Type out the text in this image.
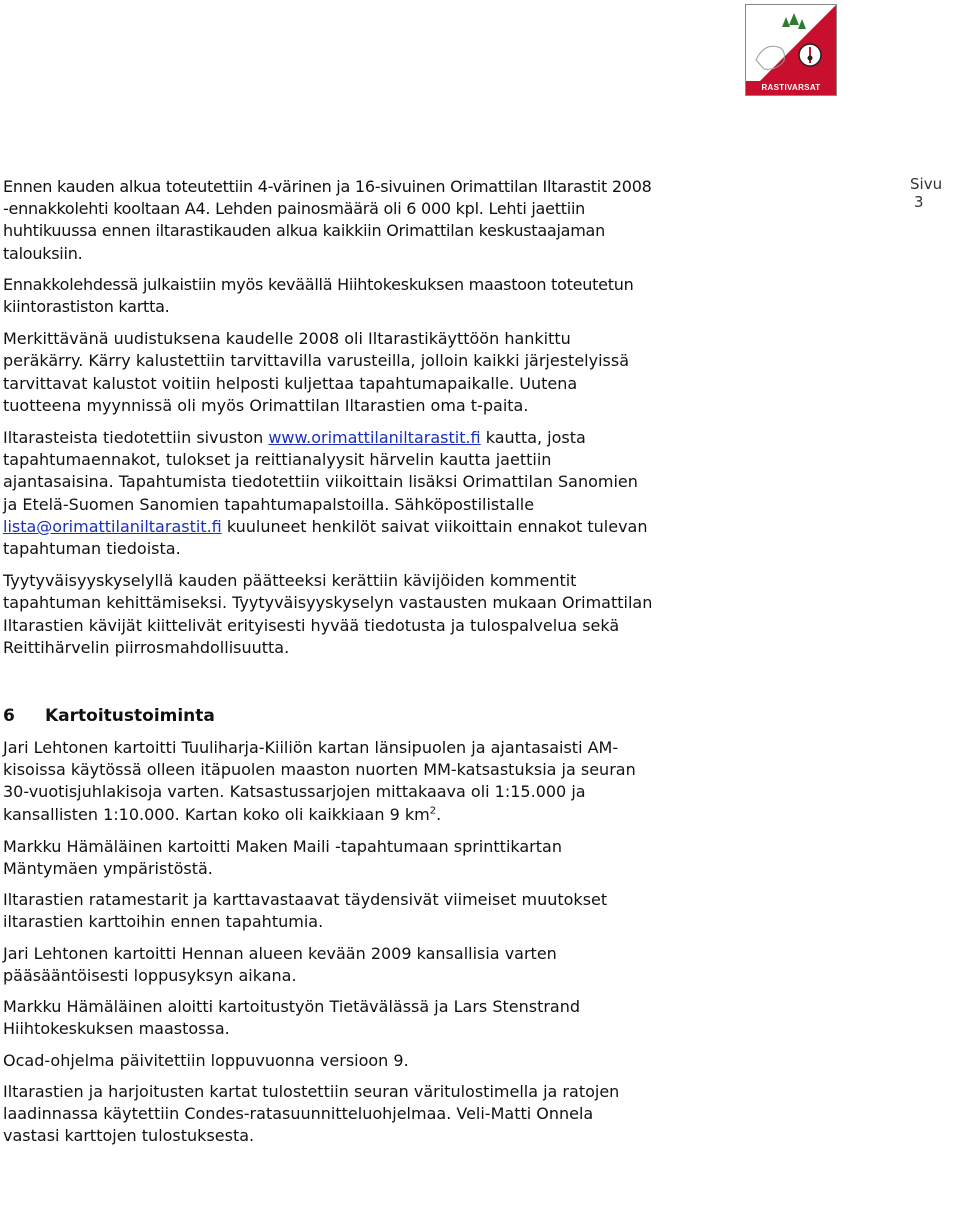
RASTIVARSAT
Sivu 3

Ennen kauden alkua toteutettiin 4-värinen ja 16-sivuinen Orimattilan Iltarastit 2008 -ennakkolehti kooltaan A4. Lehden painosmäärä oli 6 000 kpl. Lehti jaettiin huhtikuussa ennen iltarastikauden alkua kaikkiin Orimattilan keskustaajaman talouksiin.

Ennakkolehdessä julkaistiin myös keväällä Hiihtokeskuksen maastoon toteutetun kiintorastiston kartta.

Merkittävänä uudistuksena kaudelle 2008 oli Iltarastikäyttöön hankittu peräkärry. Kärry kalustettiin tarvittavilla varusteilla, jolloin kaikki järjestelyissä tarvittavat kalustot voitiin helposti kuljettaa tapahtumapaikalle. Uutena tuotteena myynnissä oli myös Orimattilan Iltarastien oma t-paita.

Iltarasteista tiedotettiin sivuston www.orimattilaniltarastit.fi kautta, josta tapahtumaennakot, tulokset ja reittianalyysit härvelin kautta jaettiin ajantasaisina. Tapahtumista tiedotettiin viikoittain lisäksi Orimattilan Sanomien ja Etelä-Suomen Sanomien tapahtumapalstoilla. Sähköpostilistalle lista@orimattilaniltarastit.fi kuuluneet henkilöt saivat viikoittain ennakot tulevan tapahtuman tiedoista.

Tyytyväisyyskyselyllä kauden päätteeksi kerättiin kävijöiden kommentit tapahtuman kehittämiseksi. Tyytyväisyyskyselyn vastausten mukaan Orimattilan Iltarastien kävijät kiittelivät erityisesti hyvää tiedotusta ja tulospalvelua sekä Reittihärvelin piirrosmahdollisuutta.

6 Kartoitustoiminta

Jari Lehtonen kartoitti Tuuliharja-Kiiliön kartan länsipuolen ja ajantasaisti AM-kisoissa käytössä olleen itäpuolen maaston nuorten MM-katsastuksia ja seuran 30-vuotisjuhlakisoja varten. Katsastussarjojen mittakaava oli 1:15.000 ja kansallisten 1:10.000. Kartan koko oli kaikkiaan 9 $km^2$.

Markku Hämäläinen kartoitti Maken Maili -tapahtumaan sprinttikartan Mäntymäen ympäristöstä.

Iltarastien ratamestarit ja karttavastaavat täydensivät viimeiset muutokset iltarastien karttoihin ennen tapahtumia.

Jari Lehtonen kartoitti Hennan alueen kevään 2009 kansallisia varten pääsääntöisesti loppusyksyn aikana.

Markku Hämäläinen aloitti kartoitustyön Tietävälässä ja Lars Stenstrand Hiihtokeskuksen maastossa.

Ocad-ohjelma päivitettiin loppuvuonna versioon 9.

Iltarastien ja harjoitusten kartat tulostettiin seuran väritulostimella ja ratojen laadinnassa käytettiin Condes-ratasuunnitteluohjelmaa. Veli-Matti Onnela vastasi karttojen tulostuksesta.
